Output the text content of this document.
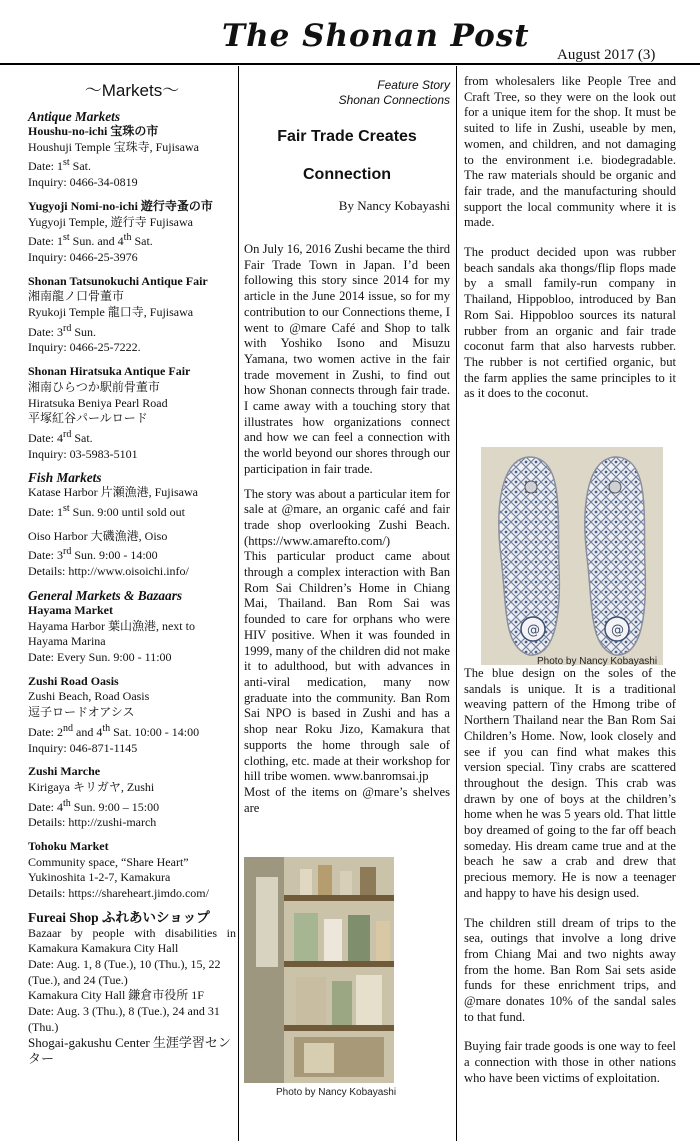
The Shonan Post
August 2017 (3)
～Markets～
Antique Markets
Houshu-no-ichi 宝珠の市
Houshuji Temple 宝珠寺, Fujisawa
Date: 1st Sat.
Inquiry: 0466-34-0819
Yugyoji Nomi-no-ichi 遊行寺蚤の市
Yugyoji Temple, 遊行寺 Fujisawa
Date: 1st Sun. and 4th Sat.
Inquiry: 0466-25-3976
Shonan Tatsunokuchi Antique Fair
湘南龍ノ口骨董市
Ryukoji Temple 龍口寺, Fujisawa
Date: 3rd Sun.
Inquiry: 0466-25-7222.
Shonan Hiratsuka Antique Fair
湘南ひらつか駅前骨董市
Hiratsuka Beniya Pearl Road
平塚紅谷パールロード
Date: 4rd Sat.
Inquiry: 03-5983-5101
Fish Markets
Katase Harbor 片瀬漁港, Fujisawa
Date: 1st Sun. 9:00 until sold out
Oiso Harbor 大磯漁港, Oiso
Date: 3rd Sun. 9:00 - 14:00
Details: http://www.oisoichi.info/
General Markets & Bazaars
Hayama Market
Hayama Harbor 葉山漁港, next to Hayama Marina
Date: Every Sun. 9:00 - 11:00
Zushi Road Oasis
Zushi Beach, Road Oasis
逗子ロードオアシス
Date: 2nd and 4th Sat. 10:00 - 14:00
Inquiry: 046-871-1145
Zushi Marche
Kirigaya キリガヤ, Zushi
Date: 4th Sun. 9:00 – 15:00
Details: http://zushi-march
Tohoku Market
Community space, “Share Heart”
Yukinoshita 1-2-7, Kamakura
Details: https://shareheart.jimdo.com/
Fureai Shop ふれあいショップ
Bazaar by people with disabilities in Kamakura Kamakura City Hall
Date: Aug. 1, 8 (Tue.), 10 (Thu.), 15, 22 (Tue.), and 24 (Tue.)
Kamakura City Hall 鎌倉市役所 1F
Date: Aug. 3 (Thu.), 8 (Tue.), 24 and 31 (Thu.)
Shogai-gakushu Center 生涯学習センター
Feature Story
Shonan Connections
Fair Trade Creates
Connection
By Nancy Kobayashi

On July 16, 2016 Zushi became the third Fair Trade Town in Japan. I’d been following this story since 2014 for my article in the June 2014 issue, so for my contribution to our Connections theme, I went to @mare Café and Shop to talk with Yoshiko Isono and Misuzu Yamana, two women active in the fair trade movement in Zushi, to find out how Shonan connects through fair trade. I came away with a touching story that illustrates how organizations connect and how we can feel a connection with the world beyond our shores through our participation in fair trade.

The story was about a particular item for sale at @mare, an organic café and fair trade shop overlooking Zushi Beach. (https://www.amarefto.com/)

This particular product came about through a complex interaction with Ban Rom Sai Children’s Home in Chiang Mai, Thailand. Ban Rom Sai was founded to care for orphans who were HIV positive. When it was founded in 1999, many of the children did not make it to adulthood, but with advances in anti-viral medication, many now graduate into the community. Ban Rom Sai NPO is based in Zushi and has a shop near Roku Jizo, Kamakura that supports the home through sale of clothing, etc. made at their workshop for hill tribe women. www.banromsai.jp

Most of the items on @mare’s shelves are

Photo by Nancy Kobayashi

from wholesalers like People Tree and Craft Tree, so they were on the look out for a unique item for the shop. It must be suited to life in Zushi, useable by men, women, and children, and not damaging to the environment i.e. biodegradable. The raw materials should be organic and fair trade, and the manufacturing should support the local community where it is made.

The product decided upon was rubber beach sandals aka thongs/flip flops made by a small family-run company in Thailand, Hippobloo, introduced by Ban Rom Sai. Hippobloo sources its natural rubber from an organic and fair trade coconut farm that also harvests rubber. The rubber is not certified organic, but the farm applies the same principles to it as it does to the coconut.

@	@
Photo by Nancy Kobayashi

The blue design on the soles of the sandals is unique. It is a traditional weaving pattern of the Hmong tribe of Northern Thailand near the Ban Rom Sai Children’s Home. Now, look closely and see if you can find what makes this version special. Tiny crabs are scattered throughout the design. This crab was drawn by one of boys at the children’s home when he was 5 years old. That little boy dreamed of going to the far off beach someday. His dream came true and at the beach he saw a crab and drew that precious memory. He is now a teenager and happy to have his design used.

The children still dream of trips to the sea, outings that involve a long drive from Chiang Mai and two nights away from the home. Ban Rom Sai sets aside funds for these enrichment trips, and @mare donates 10% of the sandal sales to that fund.

Buying fair trade goods is one way to feel a connection with those in other nations who have been victims of exploitation.
